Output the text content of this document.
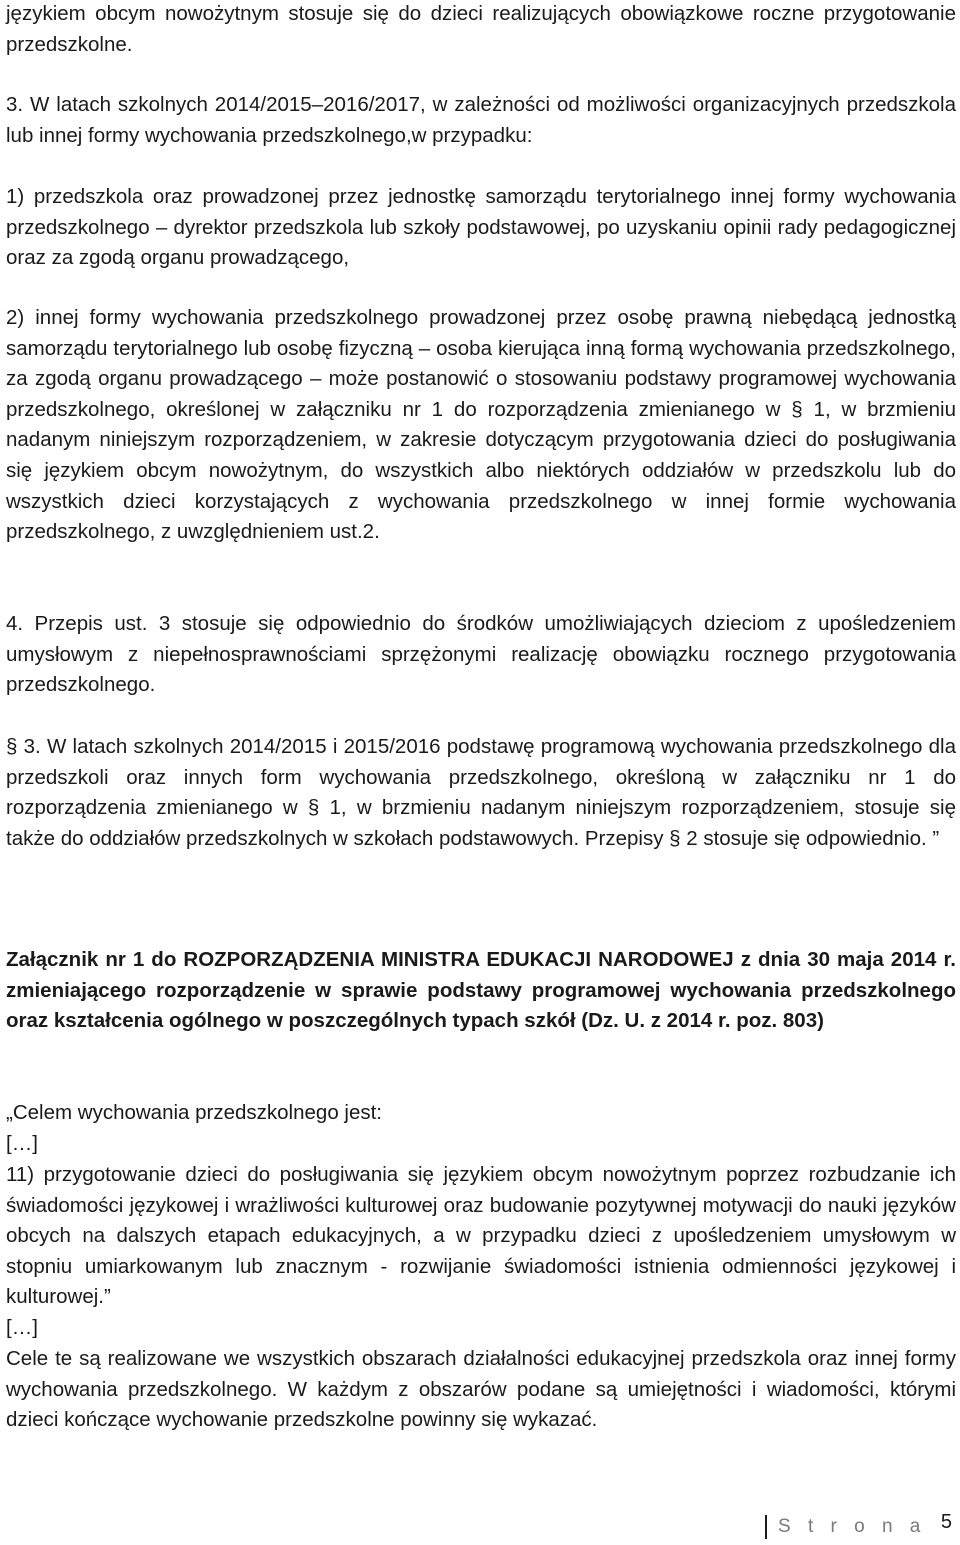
językiem obcym nowożytnym stosuje się do dzieci realizujących obowiązkowe roczne przygotowanie przedszkolne.

3. W latach szkolnych 2014/2015–2016/2017, w zależności od możliwości organizacyjnych przedszkola lub innej formy wychowania przedszkolnego,w przypadku:

1) przedszkola oraz prowadzonej przez jednostkę samorządu terytorialnego innej formy wychowania przedszkolnego – dyrektor przedszkola lub szkoły podstawowej, po uzyskaniu opinii rady pedagogicznej oraz za zgodą organu prowadzącego,

2) innej formy wychowania przedszkolnego prowadzonej przez osobę prawną niebędącą jednostką samorządu terytorialnego lub osobę fizyczną – osoba kierująca inną formą wychowania przedszkolnego, za zgodą organu prowadzącego – może postanowić o stosowaniu podstawy programowej wychowania przedszkolnego, określonej w załączniku nr 1 do rozporządzenia zmienianego w § 1, w brzmieniu nadanym niniejszym rozporządzeniem, w zakresie dotyczącym przygotowania dzieci do posługiwania się językiem obcym nowożytnym, do wszystkich albo niektórych oddziałów w przedszkolu lub do wszystkich dzieci korzystających z wychowania przedszkolnego w innej formie wychowania przedszkolnego, z uwzględnieniem ust.2.

4. Przepis ust. 3 stosuje się odpowiednio do środków umożliwiających dzieciom z upośledzeniem umysłowym z niepełnosprawnościami sprzężonymi realizację obowiązku rocznego przygotowania przedszkolnego.

§ 3. W latach szkolnych 2014/2015 i 2015/2016 podstawę programową wychowania przedszkolnego dla przedszkoli oraz innych form wychowania przedszkolnego, określoną w załączniku nr 1 do rozporządzenia zmienianego w § 1, w brzmieniu nadanym niniejszym rozporządzeniem, stosuje się także do oddziałów przedszkolnych w szkołach podstawowych. Przepisy § 2 stosuje się odpowiednio. ”

Załącznik nr 1 do ROZPORZĄDZENIA MINISTRA EDUKACJI NARODOWEJ z dnia 30 maja 2014 r. zmieniającego rozporządzenie w sprawie podstawy programowej wychowania przedszkolnego oraz kształcenia ogólnego w poszczególnych typach szkół (Dz. U. z 2014 r. poz. 803)

„Celem wychowania przedszkolnego jest:

[…]

11) przygotowanie dzieci do posługiwania się językiem obcym nowożytnym poprzez rozbudzanie ich świadomości językowej i wrażliwości kulturowej oraz budowanie pozytywnej motywacji do nauki języków obcych na dalszych etapach edukacyjnych, a w przypadku dzieci z upośledzeniem umysłowym w stopniu umiarkowanym lub znacznym - rozwijanie świadomości istnienia odmienności językowej i kulturowej.”

[…]

Cele te są realizowane we wszystkich obszarach działalności edukacyjnej przedszkola oraz innej formy wychowania przedszkolnego. W każdym z obszarów podane są umiejętności i wiadomości, którymi dzieci kończące wychowanie przedszkolne powinny się wykazać.

S t r o n a 5
